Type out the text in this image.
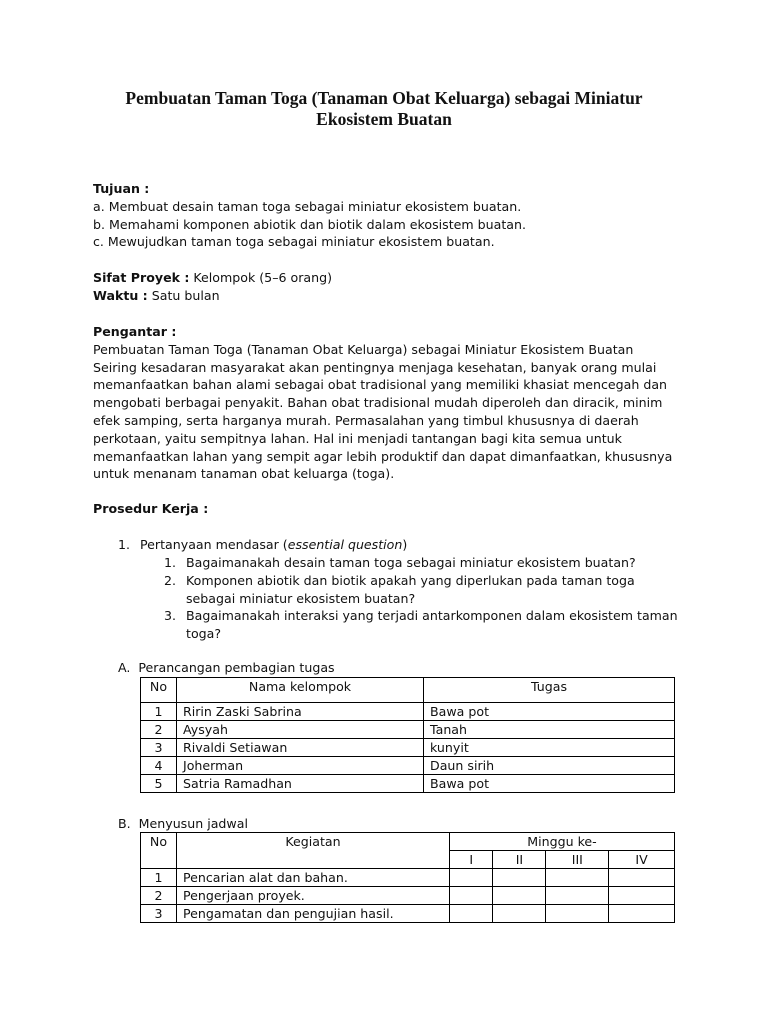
Pembuatan Taman Toga (Tanaman Obat Keluarga) sebagai Miniatur Ekosistem Buatan
Tujuan :
a. Membuat desain taman toga sebagai miniatur ekosistem buatan.
b. Memahami komponen abiotik dan biotik dalam ekosistem buatan.
c. Mewujudkan taman toga sebagai miniatur ekosistem buatan.
Sifat Proyek : Kelompok (5–6 orang)
Waktu : Satu bulan
Pengantar :

Pembuatan Taman Toga (Tanaman Obat Keluarga) sebagai Miniatur Ekosistem Buatan

Seiring kesadaran masyarakat akan pentingnya menjaga kesehatan, banyak orang mulai

memanfaatkan bahan alami sebagai obat tradisional yang memiliki khasiat mencegah dan

mengobati berbagai penyakit. Bahan obat tradisional mudah diperoleh dan diracik, minim

efek samping, serta harganya murah. Permasalahan yang timbul khususnya di daerah

perkotaan, yaitu sempitnya lahan. Hal ini menjadi tantangan bagi kita semua untuk

memanfaatkan lahan yang sempit agar lebih produktif dan dapat dimanfaatkan, khususnya

untuk menanam tanaman obat keluarga (toga).

Prosedur Kerja :
1. Pertanyaan mendasar (essential question)
1. Bagaimanakah desain taman toga sebagai miniatur ekosistem buatan?
2. Komponen abiotik dan biotik apakah yang diperlukan pada taman toga
sebagai miniatur ekosistem buatan?
3. Bagaimanakah interaksi yang terjadi antarkomponen dalam ekosistem taman
toga?
A. Perancangan pembagian tugas
No	Nama kelompok	Tugas
1	Ririn Zaski Sabrina	Bawa pot
2	Aysyah	Tanah
3	Rivaldi Setiawan	kunyit
4	Joherman	Daun sirih
5	Satria Ramadhan	Bawa pot
B. Menyusun jadwal
No	Kegiatan	Minggu ke-			
		I	II	III	IV
1	Pencarian alat dan bahan.				
2	Pengerjaan proyek.				
3	Pengamatan dan pengujian hasil.				
